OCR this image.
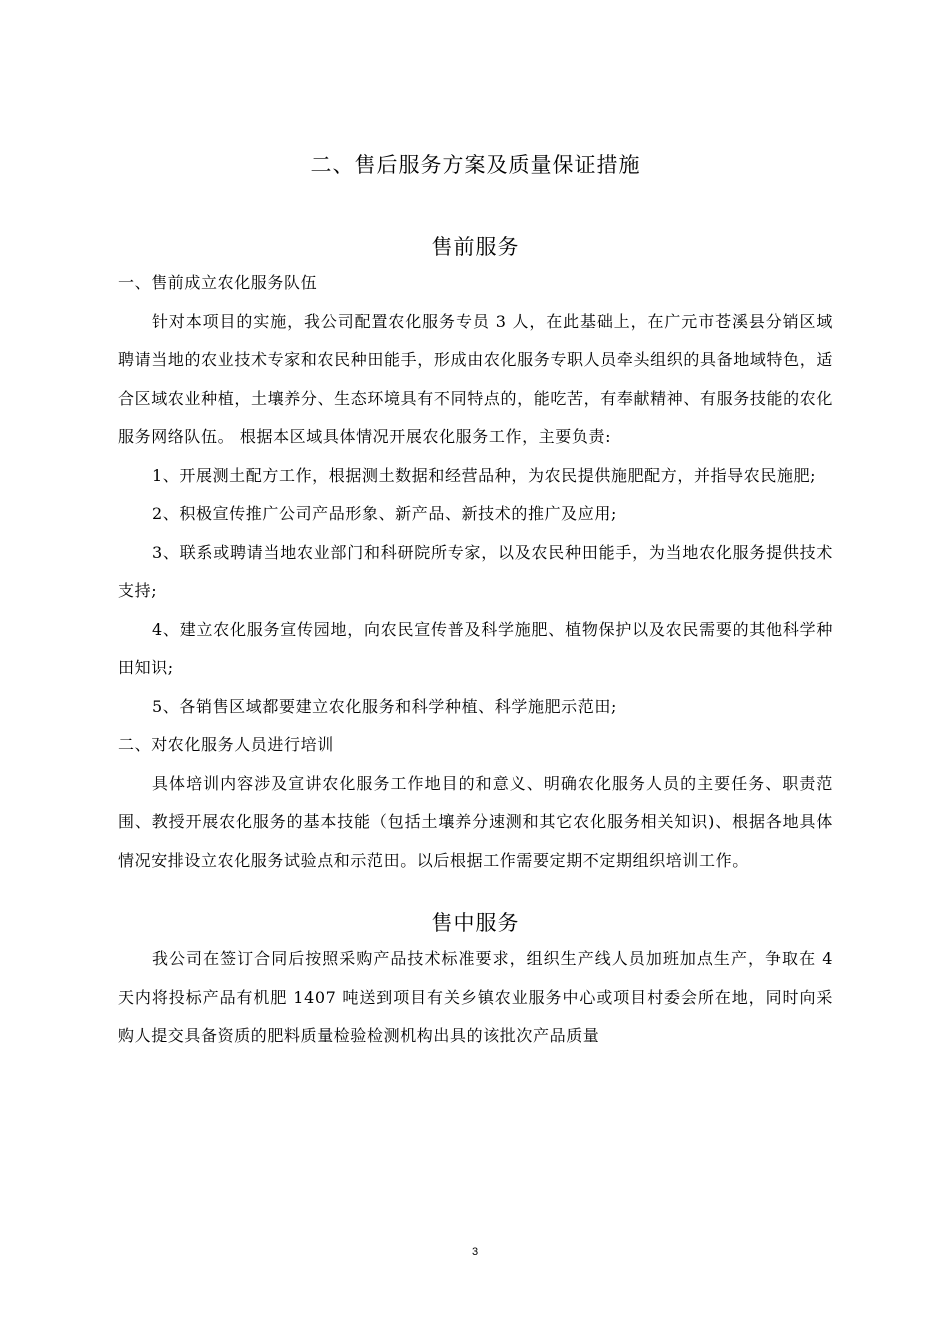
二、售后服务方案及质量保证措施
售前服务

一、售前成立农化服务队伍

针对本项目的实施，我公司配置农化服务专员 3 人，在此基础上，在广元市苍溪县分销区域聘请当地的农业技术专家和农民种田能手，形成由农化服务专职人员牵头组织的具备地域特色，适合区域农业种植，土壤养分、生态环境具有不同特点的，能吃苦，有奉献精神、有服务技能的农化服务网络队伍。 根据本区域具体情况开展农化服务工作，主要负责:

1、开展测土配方工作，根据测土数据和经营品种，为农民提供施肥配方，并指导农民施肥;

2、积极宣传推广公司产品形象、新产品、新技术的推广及应用;

3、联系或聘请当地农业部门和科研院所专家，以及农民种田能手，为当地农化服务提供技术支持;

4、建立农化服务宣传园地，向农民宣传普及科学施肥、植物保护以及农民需要的其他科学种田知识;

5、各销售区域都要建立农化服务和科学种植、科学施肥示范田;

二、对农化服务人员进行培训

具体培训内容涉及宣讲农化服务工作地目的和意义、明确农化服务人员的主要任务、职责范围、教授开展农化服务的基本技能（包括土壤养分速测和其它农化服务相关知识)、根据各地具体情况安排设立农化服务试验点和示范田。以后根据工作需要定期不定期组织培训工作。

售中服务

我公司在签订合同后按照采购产品技术标准要求，组织生产线人员加班加点生产，争取在 4 天内将投标产品有机肥 1407 吨送到项目有关乡镇农业服务中心或项目村委会所在地，同时向采购人提交具备资质的肥料质量检验检测机构出具的该批次产品质量

3
